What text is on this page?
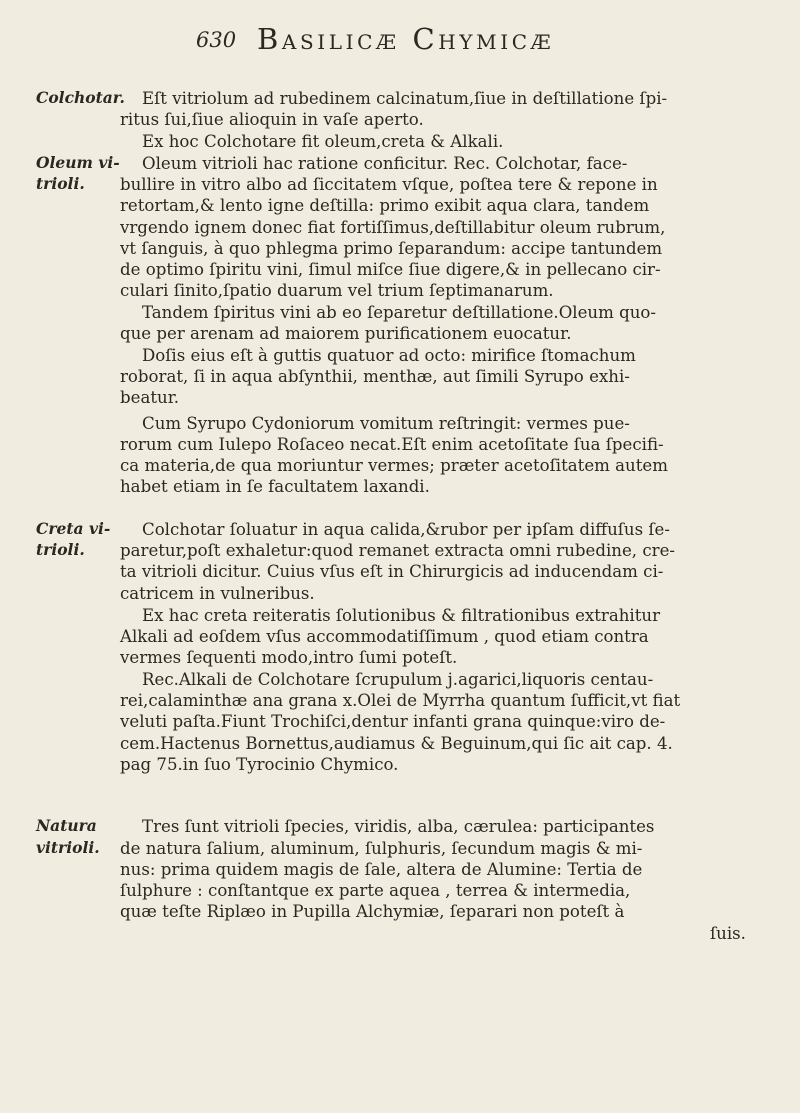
630 Basilicæ Chymicæ
Colchotar.
Oleum vi-
trioli.
Creta vi-
trioli.
Natura
vitrioli.
Eſt vitriolum ad rubedinem calcinatum,ſiue in deſtillatione ſpi-
ritus ſui,ſiue alioquin in vaſe aperto.
Ex hoc Colchotare fit oleum,creta & Alkali.
Oleum vitrioli hac ratione conficitur. Rec. Colchotar, face-
bullire in vitro albo ad ſiccitatem vſque, poſtea tere & repone in
retortam,& lento igne deſtilla: primo exibit aqua clara, tandem
vrgendo ignem donec fiat fortiſſimus,deſtillabitur oleum rubrum,
vt ſanguis, à quo phlegma primo ſeparandum: accipe tantundem
de optimo ſpiritu vini, ſimul miſce ſiue digere,& in pellecano cir-
culari ſinito,ſpatio duarum vel trium ſeptimanarum.
Tandem ſpiritus vini ab eo ſeparetur deſtillatione.Oleum quo-
que per arenam ad maiorem purificationem euocatur.
Doſis eius eſt à guttis quatuor ad octo: mirifice ſtomachum
roborat, ſi in aqua abſynthii, menthæ, aut ſimili Syrupo exhi-
beatur.
Cum Syrupo Cydoniorum vomitum reſtringit: vermes pue-
rorum cum Iulepo Roſaceo necat.Eſt enim acetoſitate ſua ſpecifi-
ca materia,de qua moriuntur vermes; præter acetoſitatem autem
habet etiam in ſe facultatem laxandi.
Colchotar ſoluatur in aqua calida,&rubor per ipſam diffuſus ſe-
paretur,poſt exhaletur:quod remanet extracta omni rubedine, cre-
ta vitrioli dicitur. Cuius vſus eſt in Chirurgicis ad inducendam ci-
catricem in vulneribus.
Ex hac creta reiteratis ſolutionibus & filtrationibus extrahitur
Alkali ad eoſdem vſus accommodatiſſimum , quod etiam contra
vermes ſequenti modo,intro ſumi poteſt.
Rec.Alkali de Colchotare ſcrupulum j.agarici,liquoris centau-
rei,calaminthæ ana grana x.Olei de Myrrha quantum ſufficit,vt fiat
veluti paſta.Fiunt Trochiſci,dentur infanti grana quinque:viro de-
cem.Hactenus Bornettus,audiamus & Beguinum,qui ſic ait cap. 4.
pag 75.in ſuo Tyrocinio Chymico.
Tres ſunt vitrioli ſpecies, viridis, alba, cærulea: participantes
de natura ſalium, aluminum, ſulphuris, ſecundum magis & mi-
nus: prima quidem magis de ſale, altera de Alumine: Tertia de
ſulphure : conſtantque ex parte aquea , terrea & intermedia,
quæ teſte Riplæo in Pupilla Alchymiæ, ſeparari non poteſt à
ſuis.
